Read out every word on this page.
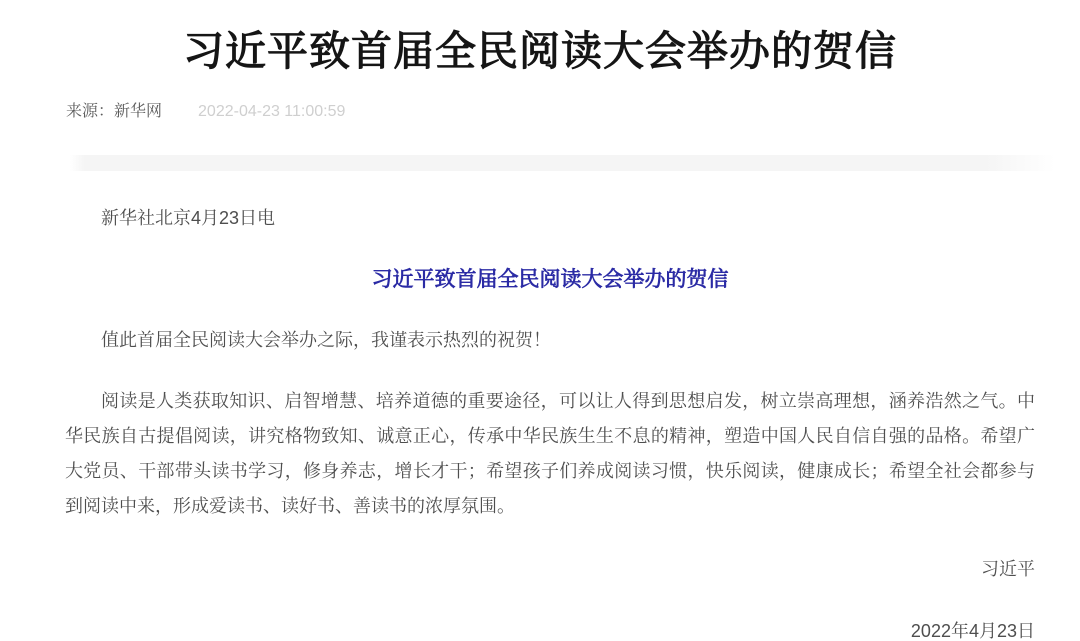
习近平致首届全民阅读大会举办的贺信
来源：新华网 2022-04-23 11:00:59

新华社北京4月23日电

习近平致首届全民阅读大会举办的贺信

值此首届全民阅读大会举办之际，我谨表示热烈的祝贺！

阅读是人类获取知识、启智增慧、培养道德的重要途径，可以让人得到思想启发，树立崇高理想，涵养浩然之气。中华民族自古提倡阅读，讲究格物致知、诚意正心，传承中华民族生生不息的精神，塑造中国人民自信自强的品格。希望广大党员、干部带头读书学习，修身养志，增长才干；希望孩子们养成阅读习惯，快乐阅读，健康成长；希望全社会都参与到阅读中来，形成爱读书、读好书、善读书的浓厚氛围。

习近平

2022年4月23日
